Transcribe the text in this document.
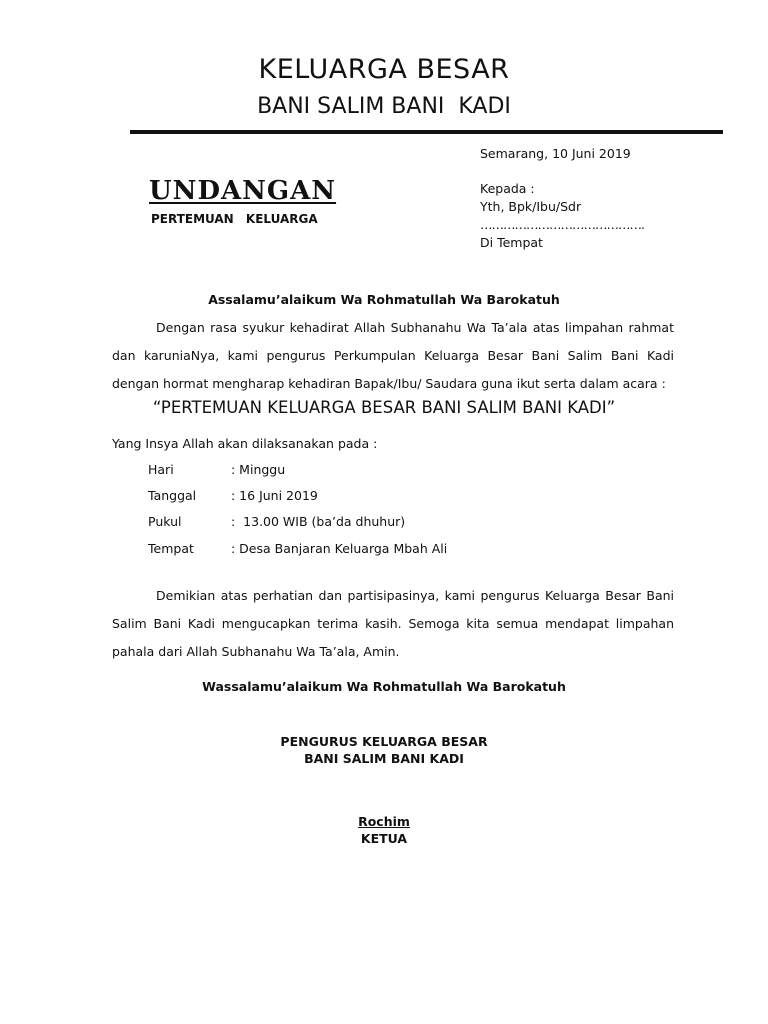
KELUARGA BESAR
BANI SALIM BANI  KADI
Semarang, 10 Juni 2019
Kepada :
Yth, Bpk/Ibu/Sdr
…………………………………….
Di Tempat
UNDANGAN
PERTEMUAN KELUARGA
Assalamu’alaikum Wa Rohmatullah Wa Barokatuh
Dengan rasa syukur kehadirat Allah Subhanahu Wa Ta’ala atas limpahan rahmat dan karuniaNya, kami pengurus Perkumpulan Keluarga Besar Bani Salim Bani Kadi dengan hormat mengharap kehadiran Bapak/Ibu/ Saudara guna ikut serta dalam acara :
“PERTEMUAN KELUARGA BESAR BANI SALIM BANI KADI”
Yang Insya Allah akan dilaksanakan pada :
Hari	: Minggu
Tanggal	: 16 Juni 2019
Pukul	:  13.00 WIB (ba’da dhuhur)
Tempat	: Desa Banjaran Keluarga Mbah Ali
Demikian atas perhatian dan partisipasinya, kami pengurus Keluarga Besar Bani Salim Bani Kadi mengucapkan terima kasih. Semoga kita semua mendapat limpahan pahala dari Allah Subhanahu Wa Ta’ala, Amin.
Wassalamu’alaikum Wa Rohmatullah Wa Barokatuh
PENGURUS KELUARGA BESAR
BANI SALIM BANI KADI
Rochim
KETUA
